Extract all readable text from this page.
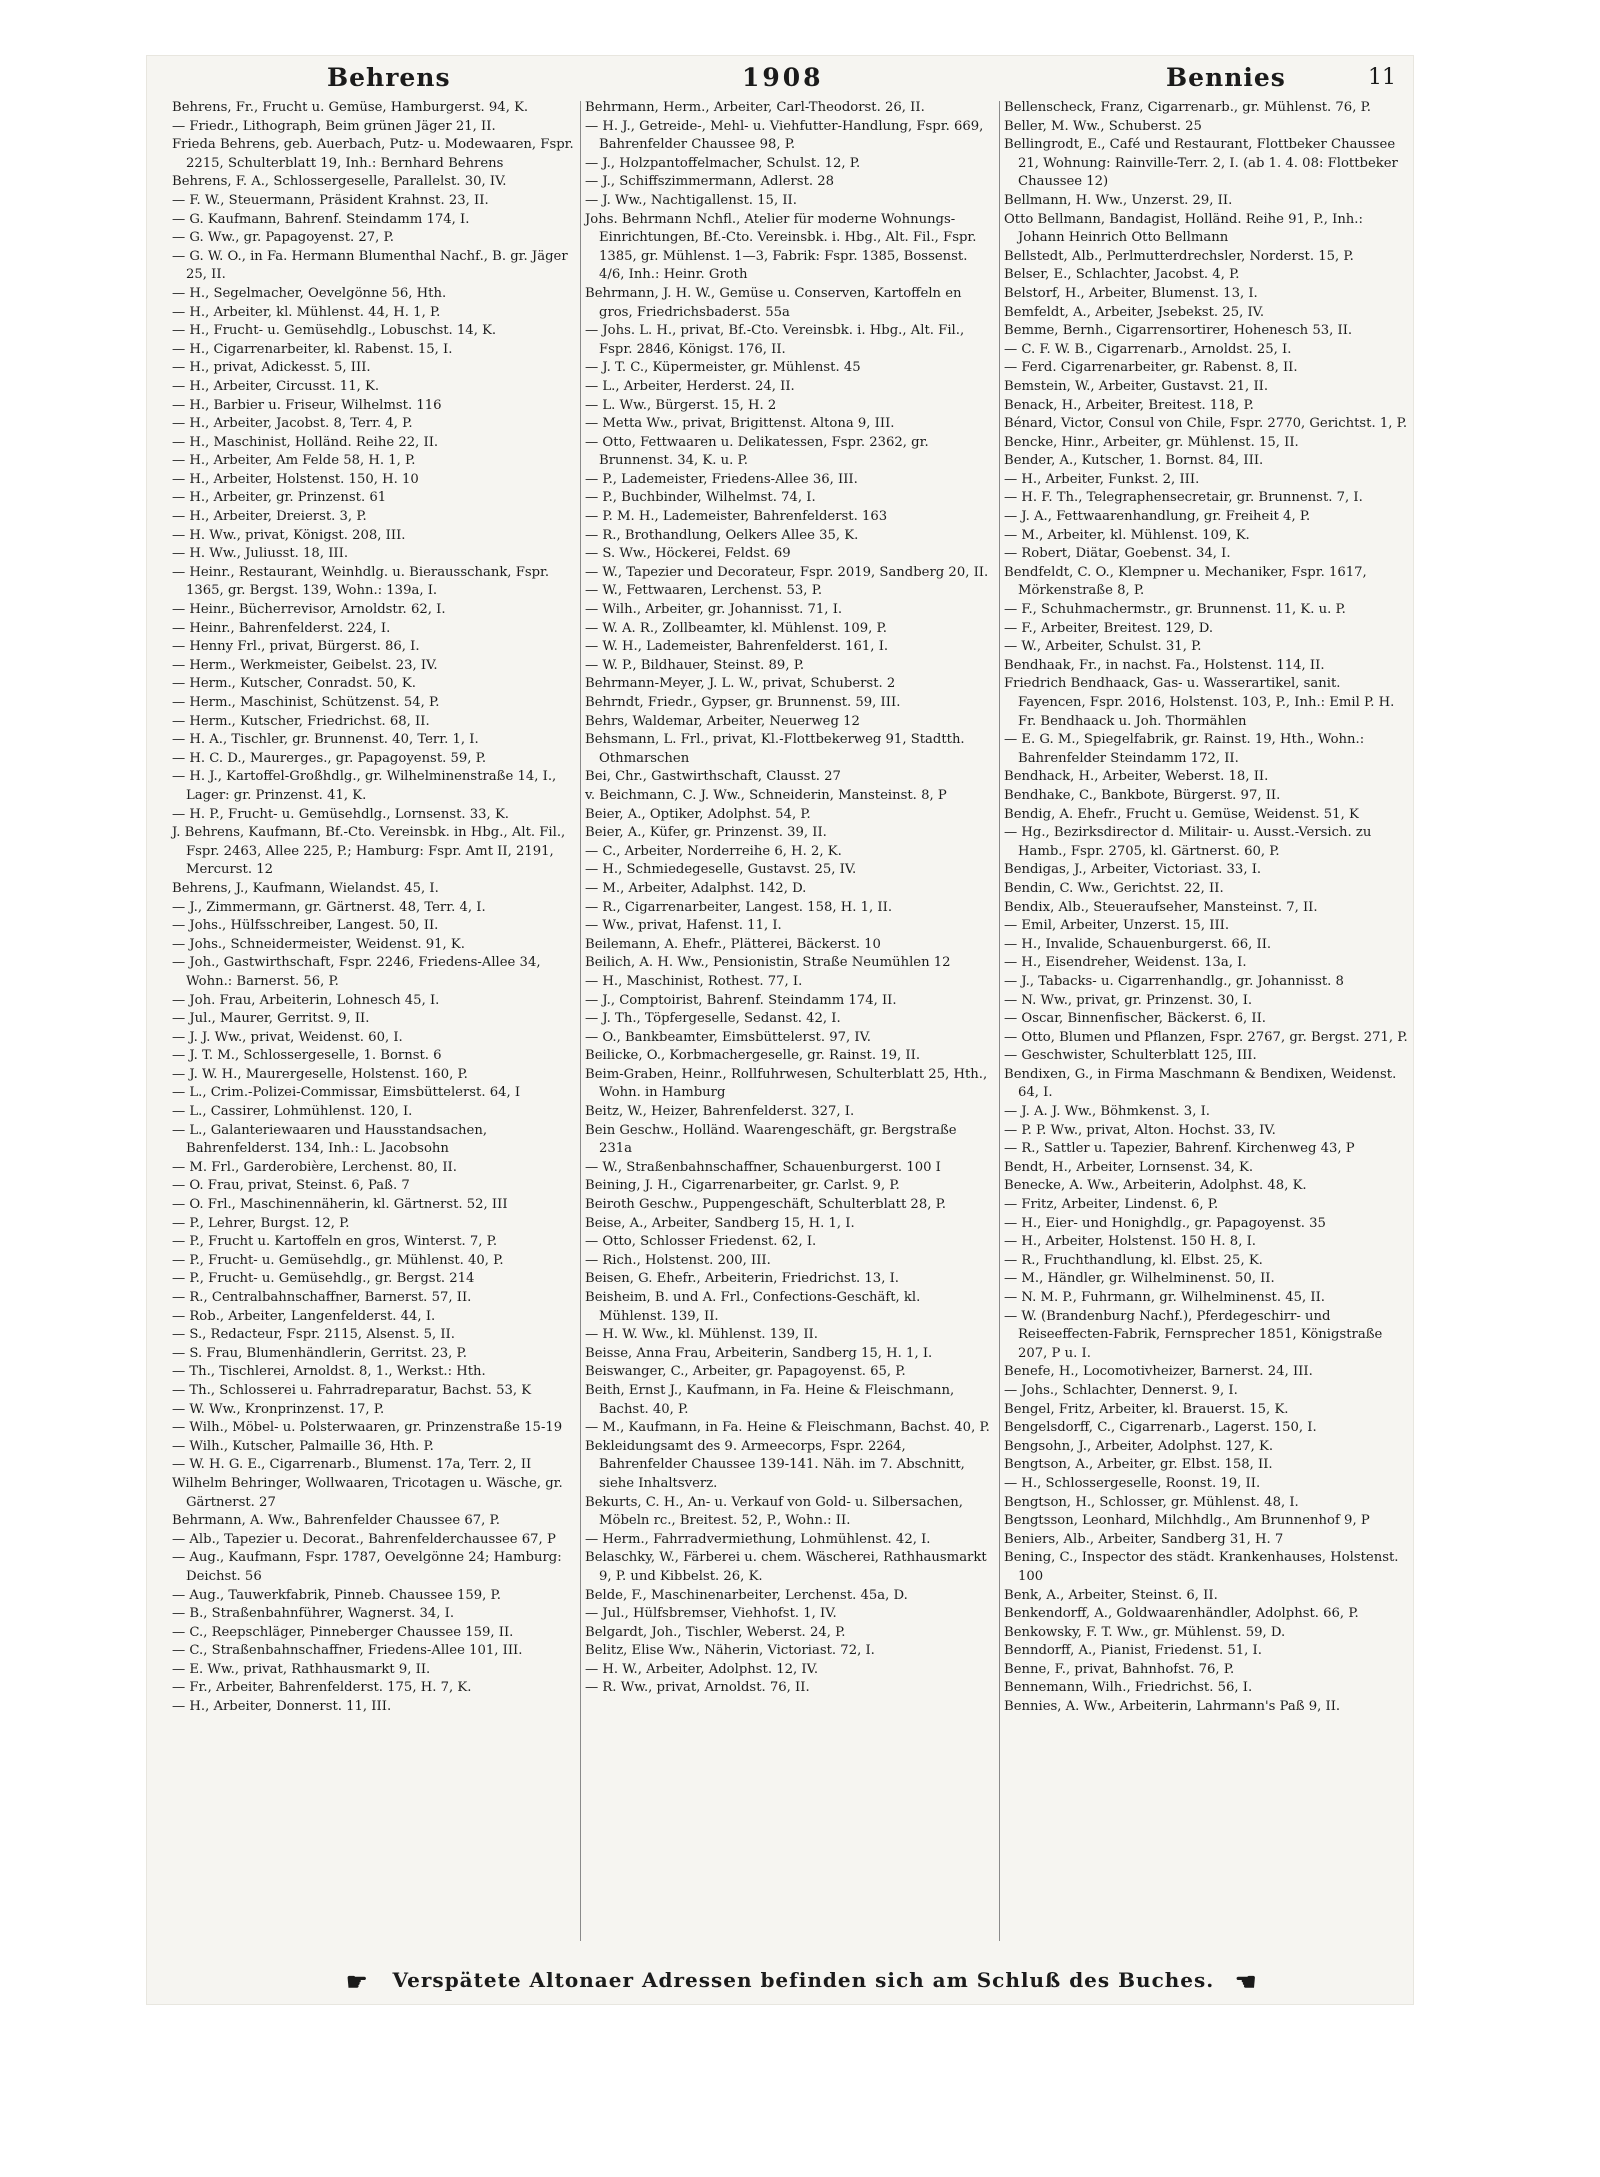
Behrens	1908	Bennies	11

Behrens, Fr., Frucht u. Gemüse, Hamburgerst. 94, K.

— Friedr., Lithograph, Beim grünen Jäger 21, II.

Frieda Behrens, geb. Auerbach, Putz- u. Modewaaren, Fspr. 2215, Schulterblatt 19, Inh.: Bernhard Behrens

Behrens, F. A., Schlossergeselle, Parallelst. 30, IV.

— F. W., Steuermann, Präsident Krahnst. 23, II.

— G. Kaufmann, Bahrenf. Steindamm 174, I.

— G. Ww., gr. Papagoyenst. 27, P.

— G. W. O., in Fa. Hermann Blumenthal Nachf., B. gr. Jäger 25, II.

— H., Segelmacher, Oevelgönne 56, Hth.

— H., Arbeiter, kl. Mühlenst. 44, H. 1, P.

— H., Frucht- u. Gemüsehdlg., Lobuschst. 14, K.

— H., Cigarrenarbeiter, kl. Rabenst. 15, I.

— H., privat, Adickesst. 5, III.

— H., Arbeiter, Circusst. 11, K.

— H., Barbier u. Friseur, Wilhelmst. 116

— H., Arbeiter, Jacobst. 8, Terr. 4, P.

— H., Maschinist, Holländ. Reihe 22, II.

— H., Arbeiter, Am Felde 58, H. 1, P.

— H., Arbeiter, Holstenst. 150, H. 10

— H., Arbeiter, gr. Prinzenst. 61

— H., Arbeiter, Dreierst. 3, P.

— H. Ww., privat, Königst. 208, III.

— H. Ww., Juliusst. 18, III.

— Heinr., Restaurant, Weinhdlg. u. Bierausschank, Fspr. 1365, gr. Bergst. 139, Wohn.: 139a, I.

— Heinr., Bücherrevisor, Arnoldstr. 62, I.

— Heinr., Bahrenfelderst. 224, I.

— Henny Frl., privat, Bürgerst. 86, I.

— Herm., Werkmeister, Geibelst. 23, IV.

— Herm., Kutscher, Conradst. 50, K.

— Herm., Maschinist, Schützenst. 54, P.

— Herm., Kutscher, Friedrichst. 68, II.

— H. A., Tischler, gr. Brunnenst. 40, Terr. 1, I.

— H. C. D., Maurerges., gr. Papagoyenst. 59, P.

— H. J., Kartoffel-Großhdlg., gr. Wilhelminenstraße 14, I., Lager: gr. Prinzenst. 41, K.

— H. P., Frucht- u. Gemüsehdlg., Lornsenst. 33, K.

J. Behrens, Kaufmann, Bf.-Cto. Vereinsbk. in Hbg., Alt. Fil., Fspr. 2463, Allee 225, P.; Hamburg: Fspr. Amt II, 2191, Mercurst. 12

Behrens, J., Kaufmann, Wielandst. 45, I.

— J., Zimmermann, gr. Gärtnerst. 48, Terr. 4, I.

— Johs., Hülfsschreiber, Langest. 50, II.

— Johs., Schneidermeister, Weidenst. 91, K.

— Joh., Gastwirthschaft, Fspr. 2246, Friedens-Allee 34, Wohn.: Barnerst. 56, P.

— Joh. Frau, Arbeiterin, Lohnesch 45, I.

— Jul., Maurer, Gerritst. 9, II.

— J. J. Ww., privat, Weidenst. 60, I.

— J. T. M., Schlossergeselle, 1. Bornst. 6

— J. W. H., Maurergeselle, Holstenst. 160, P.

— L., Crim.-Polizei-Commissar, Eimsbüttelerst. 64, I

— L., Cassirer, Lohmühlenst. 120, I.

— L., Galanteriewaaren und Hausstandsachen, Bahrenfelderst. 134, Inh.: L. Jacobsohn

— M. Frl., Garderobière, Lerchenst. 80, II.

— O. Frau, privat, Steinst. 6, Paß. 7

— O. Frl., Maschinennäherin, kl. Gärtnerst. 52, III

— P., Lehrer, Burgst. 12, P.

— P., Frucht u. Kartoffeln en gros, Winterst. 7, P.

— P., Frucht- u. Gemüsehdlg., gr. Mühlenst. 40, P.

— P., Frucht- u. Gemüsehdlg., gr. Bergst. 214

— R., Centralbahnschaffner, Barnerst. 57, II.

— Rob., Arbeiter, Langenfelderst. 44, I.

— S., Redacteur, Fspr. 2115, Alsenst. 5, II.

— S. Frau, Blumenhändlerin, Gerritst. 23, P.

— Th., Tischlerei, Arnoldst. 8, 1., Werkst.: Hth.

— Th., Schlosserei u. Fahrradreparatur, Bachst. 53, K

— W. Ww., Kronprinzenst. 17, P.

— Wilh., Möbel- u. Polsterwaaren, gr. Prinzenstraße 15-19

— Wilh., Kutscher, Palmaille 36, Hth. P.

— W. H. G. E., Cigarrenarb., Blumenst. 17a, Terr. 2, II

Wilhelm Behringer, Wollwaaren, Tricotagen u. Wäsche, gr. Gärtnerst. 27

Behrmann, A. Ww., Bahrenfelder Chaussee 67, P.

— Alb., Tapezier u. Decorat., Bahrenfelderchaussee 67, P

— Aug., Kaufmann, Fspr. 1787, Oevelgönne 24; Hamburg: Deichst. 56

— Aug., Tauwerkfabrik, Pinneb. Chaussee 159, P.

— B., Straßenbahnführer, Wagnerst. 34, I.

— C., Reepschläger, Pinneberger Chaussee 159, II.

— C., Straßenbahnschaffner, Friedens-Allee 101, III.

— E. Ww., privat, Rathhausmarkt 9, II.

— Fr., Arbeiter, Bahrenfelderst. 175, H. 7, K.

— H., Arbeiter, Donnerst. 11, III.

Behrmann, Herm., Arbeiter, Carl-Theodorst. 26, II.

— H. J., Getreide-, Mehl- u. Viehfutter-Handlung, Fspr. 669, Bahrenfelder Chaussee 98, P.

— J., Holzpantoffelmacher, Schulst. 12, P.

— J., Schiffszimmermann, Adlerst. 28

— J. Ww., Nachtigallenst. 15, II.

Johs. Behrmann Nchfl., Atelier für moderne Wohnungs-Einrichtungen, Bf.-Cto. Vereinsbk. i. Hbg., Alt. Fil., Fspr. 1385, gr. Mühlenst. 1—3, Fabrik: Fspr. 1385, Bossenst. 4/6, Inh.: Heinr. Groth

Behrmann, J. H. W., Gemüse u. Conserven, Kartoffeln en gros, Friedrichsbaderst. 55a

— Johs. L. H., privat, Bf.-Cto. Vereinsbk. i. Hbg., Alt. Fil., Fspr. 2846, Königst. 176, II.

— J. T. C., Küpermeister, gr. Mühlenst. 45

— L., Arbeiter, Herderst. 24, II.

— L. Ww., Bürgerst. 15, H. 2

— Metta Ww., privat, Brigittenst. Altona 9, III.

— Otto, Fettwaaren u. Delikatessen, Fspr. 2362, gr. Brunnenst. 34, K. u. P.

— P., Lademeister, Friedens-Allee 36, III.

— P., Buchbinder, Wilhelmst. 74, I.

— P. M. H., Lademeister, Bahrenfelderst. 163

— R., Brothandlung, Oelkers Allee 35, K.

— S. Ww., Höckerei, Feldst. 69

— W., Tapezier und Decorateur, Fspr. 2019, Sandberg 20, II.

— W., Fettwaaren, Lerchenst. 53, P.

— Wilh., Arbeiter, gr. Johannisst. 71, I.

— W. A. R., Zollbeamter, kl. Mühlenst. 109, P.

— W. H., Lademeister, Bahrenfelderst. 161, I.

— W. P., Bildhauer, Steinst. 89, P.

Behrmann-Meyer, J. L. W., privat, Schuberst. 2

Behrndt, Friedr., Gypser, gr. Brunnenst. 59, III.

Behrs, Waldemar, Arbeiter, Neuerweg 12

Behsmann, L. Frl., privat, Kl.-Flottbekerweg 91, Stadtth. Othmarschen

Bei, Chr., Gastwirthschaft, Clausst. 27

v. Beichmann, C. J. Ww., Schneiderin, Mansteinst. 8, P

Beier, A., Optiker, Adolphst. 54, P.

Beier, A., Küfer, gr. Prinzenst. 39, II.

— C., Arbeiter, Norderreihe 6, H. 2, K.

— H., Schmiedegeselle, Gustavst. 25, IV.

— M., Arbeiter, Adalphst. 142, D.

— R., Cigarrenarbeiter, Langest. 158, H. 1, II.

— Ww., privat, Hafenst. 11, I.

Beilemann, A. Ehefr., Plätterei, Bäckerst. 10

Beilich, A. H. Ww., Pensionistin, Straße Neumühlen 12

— H., Maschinist, Rothest. 77, I.

— J., Comptoirist, Bahrenf. Steindamm 174, II.

— J. Th., Töpfergeselle, Sedanst. 42, I.

— O., Bankbeamter, Eimsbüttelerst. 97, IV.

Beilicke, O., Korbmachergeselle, gr. Rainst. 19, II.

Beim-Graben, Heinr., Rollfuhrwesen, Schulterblatt 25, Hth., Wohn. in Hamburg

Beitz, W., Heizer, Bahrenfelderst. 327, I.

Bein Geschw., Holländ. Waarengeschäft, gr. Bergstraße 231a

— W., Straßenbahnschaffner, Schauenburgerst. 100 I

Beining, J. H., Cigarrenarbeiter, gr. Carlst. 9, P.

Beiroth Geschw., Puppengeschäft, Schulterblatt 28, P.

Beise, A., Arbeiter, Sandberg 15, H. 1, I.

— Otto, Schlosser Friedenst. 62, I.

— Rich., Holstenst. 200, III.

Beisen, G. Ehefr., Arbeiterin, Friedrichst. 13, I.

Beisheim, B. und A. Frl., Confections-Geschäft, kl. Mühlenst. 139, II.

— H. W. Ww., kl. Mühlenst. 139, II.

Beisse, Anna Frau, Arbeiterin, Sandberg 15, H. 1, I.

Beiswanger, C., Arbeiter, gr. Papagoyenst. 65, P.

Beith, Ernst J., Kaufmann, in Fa. Heine & Fleischmann, Bachst. 40, P.

— M., Kaufmann, in Fa. Heine & Fleischmann, Bachst. 40, P.

Bekleidungsamt des 9. Armeecorps, Fspr. 2264, Bahrenfelder Chaussee 139-141. Näh. im 7. Abschnitt, siehe Inhaltsverz.

Bekurts, C. H., An- u. Verkauf von Gold- u. Silbersachen, Möbeln rc., Breitest. 52, P., Wohn.: II.

— Herm., Fahrradvermiethung, Lohmühlenst. 42, I.

Belaschky, W., Färberei u. chem. Wäscherei, Rathhausmarkt 9, P. und Kibbelst. 26, K.

Belde, F., Maschinenarbeiter, Lerchenst. 45a, D.

— Jul., Hülfsbremser, Viehhofst. 1, IV.

Belgardt, Joh., Tischler, Weberst. 24, P.

Belitz, Elise Ww., Näherin, Victoriast. 72, I.

— H. W., Arbeiter, Adolphst. 12, IV.

— R. Ww., privat, Arnoldst. 76, II.

Bellenscheck, Franz, Cigarrenarb., gr. Mühlenst. 76, P.

Beller, M. Ww., Schuberst. 25

Bellingrodt, E., Café und Restaurant, Flottbeker Chaussee 21, Wohnung: Rainville-Terr. 2, I. (ab 1. 4. 08: Flottbeker Chaussee 12)

Bellmann, H. Ww., Unzerst. 29, II.

Otto Bellmann, Bandagist, Holländ. Reihe 91, P., Inh.: Johann Heinrich Otto Bellmann

Bellstedt, Alb., Perlmutterdrechsler, Norderst. 15, P.

Belser, E., Schlachter, Jacobst. 4, P.

Belstorf, H., Arbeiter, Blumenst. 13, I.

Bemfeldt, A., Arbeiter, Jsebekst. 25, IV.

Bemme, Bernh., Cigarrensortirer, Hohenesch 53, II.

— C. F. W. B., Cigarrenarb., Arnoldst. 25, I.

— Ferd. Cigarrenarbeiter, gr. Rabenst. 8, II.

Bemstein, W., Arbeiter, Gustavst. 21, II.

Benack, H., Arbeiter, Breitest. 118, P.

Bénard, Victor, Consul von Chile, Fspr. 2770, Gerichtst. 1, P.

Bencke, Hinr., Arbeiter, gr. Mühlenst. 15, II.

Bender, A., Kutscher, 1. Bornst. 84, III.

— H., Arbeiter, Funkst. 2, III.

— H. F. Th., Telegraphensecretair, gr. Brunnenst. 7, I.

— J. A., Fettwaarenhandlung, gr. Freiheit 4, P.

— M., Arbeiter, kl. Mühlenst. 109, K.

— Robert, Diätar, Goebenst. 34, I.

Bendfeldt, C. O., Klempner u. Mechaniker, Fspr. 1617, Mörkenstraße 8, P.

— F., Schuhmachermstr., gr. Brunnenst. 11, K. u. P.

— F., Arbeiter, Breitest. 129, D.

— W., Arbeiter, Schulst. 31, P.

Bendhaak, Fr., in nachst. Fa., Holstenst. 114, II.

Friedrich Bendhaack, Gas- u. Wasserartikel, sanit. Fayencen, Fspr. 2016, Holstenst. 103, P., Inh.: Emil P. H. Fr. Bendhaack u. Joh. Thormählen

— E. G. M., Spiegelfabrik, gr. Rainst. 19, Hth., Wohn.: Bahrenfelder Steindamm 172, II.

Bendhack, H., Arbeiter, Weberst. 18, II.

Bendhake, C., Bankbote, Bürgerst. 97, II.

Bendig, A. Ehefr., Frucht u. Gemüse, Weidenst. 51, K

— Hg., Bezirksdirector d. Militair- u. Ausst.-Versich. zu Hamb., Fspr. 2705, kl. Gärtnerst. 60, P.

Bendigas, J., Arbeiter, Victoriast. 33, I.

Bendin, C. Ww., Gerichtst. 22, II.

Bendix, Alb., Steueraufseher, Mansteinst. 7, II.

— Emil, Arbeiter, Unzerst. 15, III.

— H., Invalide, Schauenburgerst. 66, II.

— H., Eisendreher, Weidenst. 13a, I.

— J., Tabacks- u. Cigarrenhandlg., gr. Johannisst. 8

— N. Ww., privat, gr. Prinzenst. 30, I.

— Oscar, Binnenfischer, Bäckerst. 6, II.

— Otto, Blumen und Pflanzen, Fspr. 2767, gr. Bergst. 271, P.

— Geschwister, Schulterblatt 125, III.

Bendixen, G., in Firma Maschmann & Bendixen, Weidenst. 64, I.

— J. A. J. Ww., Böhmkenst. 3, I.

— P. P. Ww., privat, Alton. Hochst. 33, IV.

— R., Sattler u. Tapezier, Bahrenf. Kirchenweg 43, P

Bendt, H., Arbeiter, Lornsenst. 34, K.

Benecke, A. Ww., Arbeiterin, Adolphst. 48, K.

— Fritz, Arbeiter, Lindenst. 6, P.

— H., Eier- und Honighdlg., gr. Papagoyenst. 35

— H., Arbeiter, Holstenst. 150 H. 8, I.

— R., Fruchthandlung, kl. Elbst. 25, K.

— M., Händler, gr. Wilhelminenst. 50, II.

— N. M. P., Fuhrmann, gr. Wilhelminenst. 45, II.

— W. (Brandenburg Nachf.), Pferdegeschirr- und Reiseeffecten-Fabrik, Fernsprecher 1851, Königstraße 207, P u. I.

Benefe, H., Locomotivheizer, Barnerst. 24, III.

— Johs., Schlachter, Dennerst. 9, I.

Bengel, Fritz, Arbeiter, kl. Brauerst. 15, K.

Bengelsdorff, C., Cigarrenarb., Lagerst. 150, I.

Bengsohn, J., Arbeiter, Adolphst. 127, K.

Bengtson, A., Arbeiter, gr. Elbst. 158, II.

— H., Schlossergeselle, Roonst. 19, II.

Bengtson, H., Schlosser, gr. Mühlenst. 48, I.

Bengtsson, Leonhard, Milchhdlg., Am Brunnenhof 9, P

Beniers, Alb., Arbeiter, Sandberg 31, H. 7

Bening, C., Inspector des städt. Krankenhauses, Holstenst. 100

Benk, A., Arbeiter, Steinst. 6, II.

Benkendorff, A., Goldwaarenhändler, Adolphst. 66, P.

Benkowsky, F. T. Ww., gr. Mühlenst. 59, D.

Benndorff, A., Pianist, Friedenst. 51, I.

Benne, F., privat, Bahnhofst. 76, P.

Bennemann, Wilh., Friedrichst. 56, I.

Bennies, A. Ww., Arbeiterin, Lahrmann's Paß 9, II.

☛ Verspätete Altonaer Adressen befinden sich am Schluß des Buches. ☛
